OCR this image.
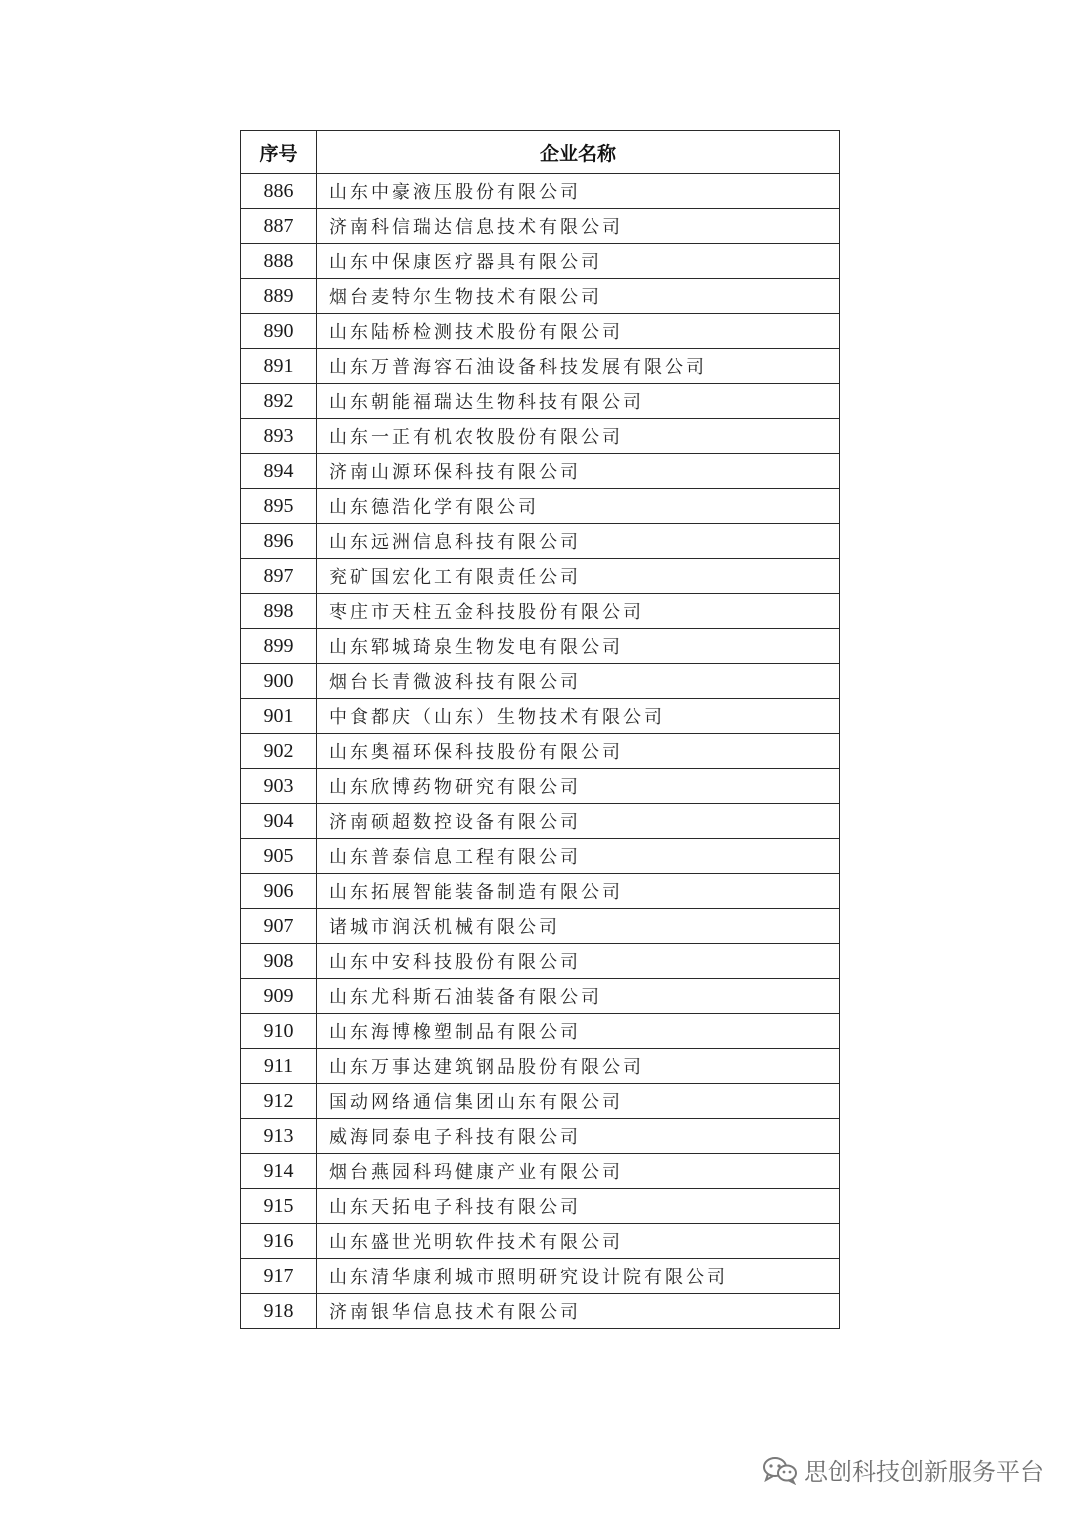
序号	企业名称
886	山东中豪液压股份有限公司
887	济南科信瑞达信息技术有限公司
888	山东中保康医疗器具有限公司
889	烟台麦特尔生物技术有限公司
890	山东陆桥检测技术股份有限公司
891	山东万普海容石油设备科技发展有限公司
892	山东朝能福瑞达生物科技有限公司
893	山东一正有机农牧股份有限公司
894	济南山源环保科技有限公司
895	山东德浩化学有限公司
896	山东远洲信息科技有限公司
897	兖矿国宏化工有限责任公司
898	枣庄市天柱五金科技股份有限公司
899	山东郓城琦泉生物发电有限公司
900	烟台长青微波科技有限公司
901	中食都庆（山东）生物技术有限公司
902	山东奥福环保科技股份有限公司
903	山东欣博药物研究有限公司
904	济南硕超数控设备有限公司
905	山东普泰信息工程有限公司
906	山东拓展智能装备制造有限公司
907	诸城市润沃机械有限公司
908	山东中安科技股份有限公司
909	山东尤科斯石油装备有限公司
910	山东海博橡塑制品有限公司
911	山东万事达建筑钢品股份有限公司
912	国动网络通信集团山东有限公司
913	威海同泰电子科技有限公司
914	烟台燕园科玛健康产业有限公司
915	山东天拓电子科技有限公司
916	山东盛世光明软件技术有限公司
917	山东清华康利城市照明研究设计院有限公司
918	济南银华信息技术有限公司
思创科技创新服务平台
